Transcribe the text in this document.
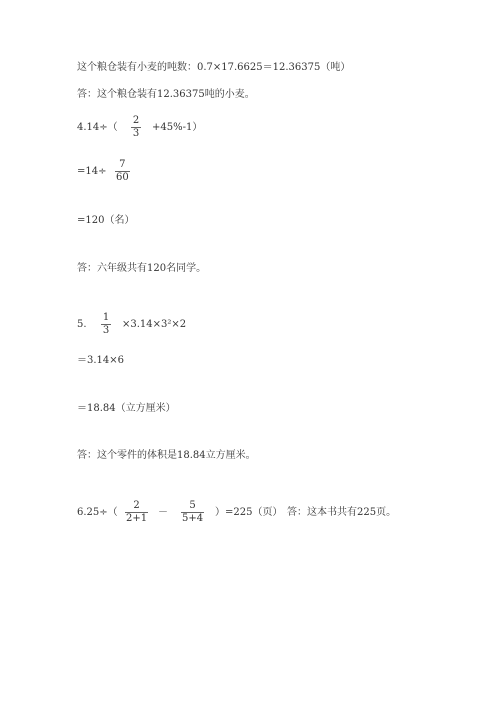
这个粮仓装有小麦的吨数：0.7×17.6625＝12.36375（吨）
答：这个粮仓装有12.36375吨的小麦。
4.14÷（
2
3
+45%-1）
=14÷
7
60
=120（名）
答：六年级共有120名同学。
5.
1
3
×3.14×3²×2
＝3.14×6
＝18.84（立方厘米）
答：这个零件的体积是18.84立方厘米。
6.25÷（
2
2+1
－
5
5+4
）=225（页） 答：这本书共有225页。
